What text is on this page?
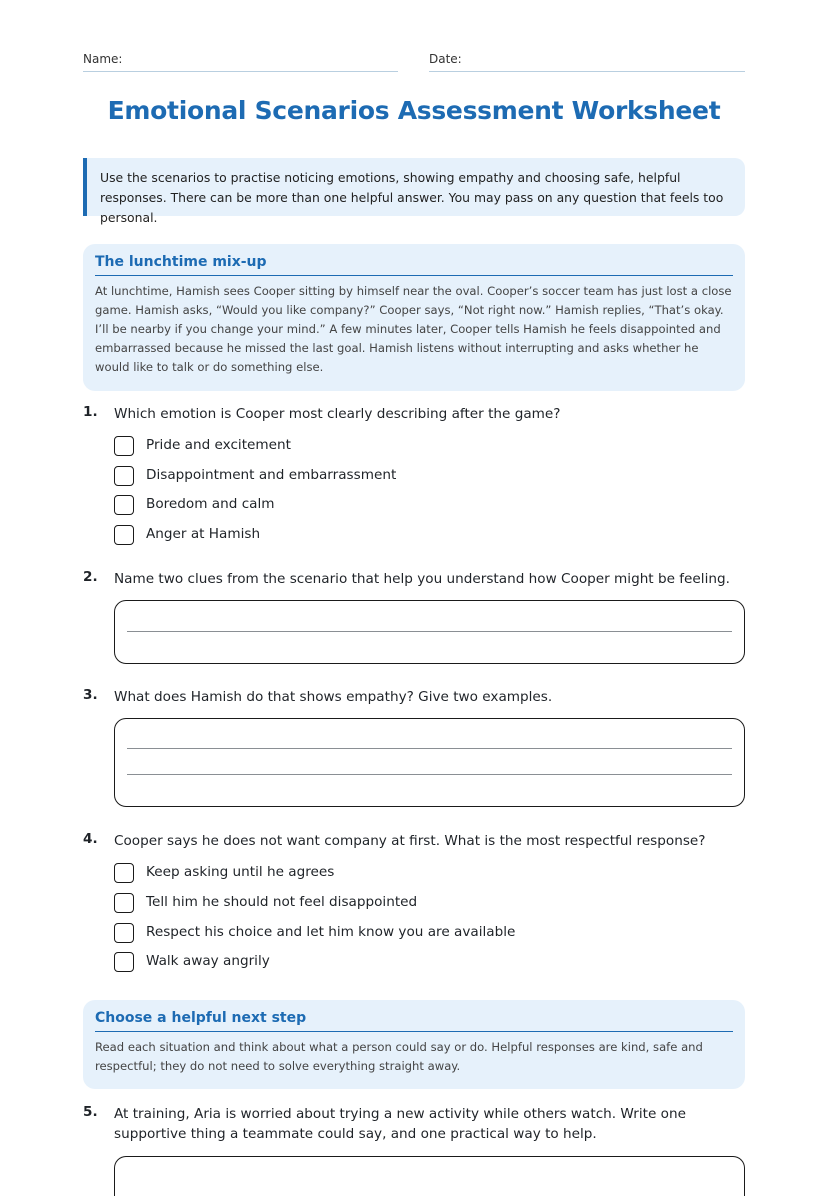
Name:	Date:
Emotional Scenarios Assessment Worksheet
Use the scenarios to practise noticing emotions, showing empathy and choosing safe, helpful responses. There can be more than one helpful answer. You may pass on any question that feels too personal.
The lunchtime mix-up

At lunchtime, Hamish sees Cooper sitting by himself near the oval. Cooper’s soccer team has just lost a close game. Hamish asks, “Would you like company?” Cooper says, “Not right now.” Hamish replies, “That’s okay. I’ll be nearby if you change your mind.” A few minutes later, Cooper tells Hamish he feels disappointed and embarrassed because he missed the last goal. Hamish listens without interrupting and asks whether he would like to talk or do something else.

1. Which emotion is Cooper most clearly describing after the game?
Pride and excitement
Disappointment and embarrassment
Boredom and calm
Anger at Hamish
2. Name two clues from the scenario that help you understand how Cooper might be feeling.
3. What does Hamish do that shows empathy? Give two examples.
4. Cooper says he does not want company at first. What is the most respectful response?
Keep asking until he agrees
Tell him he should not feel disappointed
Respect his choice and let him know you are available
Walk away angrily
Choose a helpful next step

Read each situation and think about what a person could say or do. Helpful responses are kind, safe and respectful; they do not need to solve everything straight away.

5. At training, Aria is worried about trying a new activity while others watch. Write one supportive thing a teammate could say, and one practical way to help.
